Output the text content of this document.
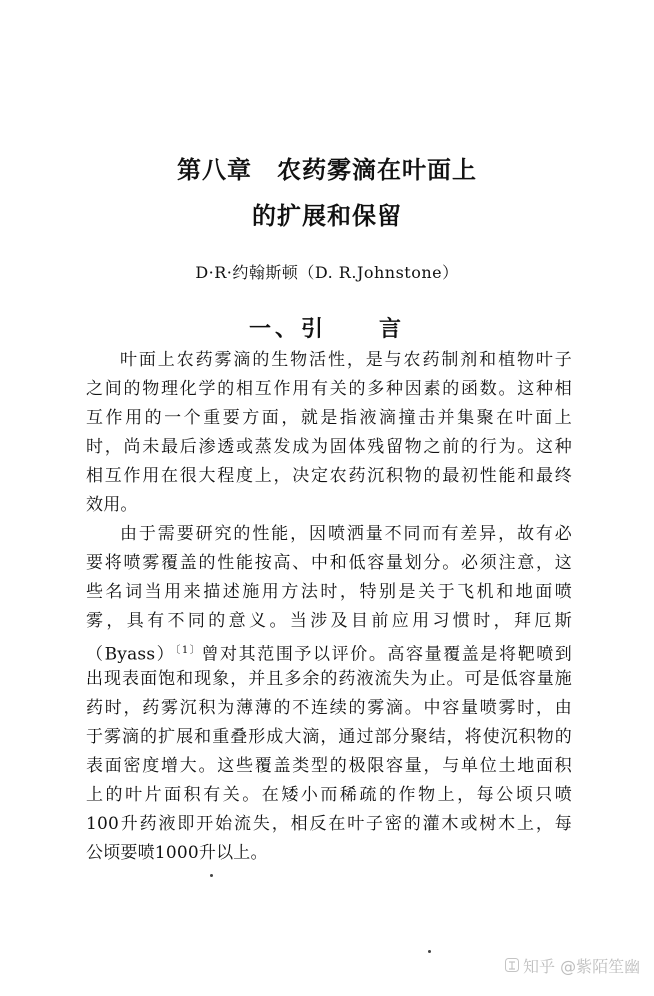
第八章　农药雾滴在叶面上
的扩展和保留

D·R·约翰斯顿（D. R.Johnstone）

一、引　　言
叶面上农药雾滴的生物活性，是与农药制剂和植物叶子
之间的物理化学的相互作用有关的多种因素的函数。这种相
互作用的一个重要方面，就是指液滴撞击并集聚在叶面上
时，尚未最后渗透或蒸发成为固体残留物之前的行为。这种
相互作用在很大程度上，决定农药沉积物的最初性能和最终
效用。
由于需要研究的性能，因喷洒量不同而有差异，故有必
要将喷雾覆盖的性能按高、中和低容量划分。必须注意，这
些名词当用来描述施用方法时，特别是关于飞机和地面喷
雾，具有不同的意义。当涉及目前应用习惯时，拜厄斯
（Byass）$^{〔1〕}$曾对其范围予以评价。高容量覆盖是将靶喷到
出现表面饱和现象，并且多余的药液流失为止。可是低容量施
药时，药雾沉积为薄薄的不连续的雾滴。中容量喷雾时，由
于雾滴的扩展和重叠形成大滴，通过部分聚结，将使沉积物的
表面密度增大。这些覆盖类型的极限容量，与单位土地面积
上的叶片面积有关。在矮小而稀疏的作物上，每公顷只喷
100升药液即开始流失，相反在叶子密的灌木或树木上，每
公顷要喷1000升以上。
知乎 @紫陌笙幽
